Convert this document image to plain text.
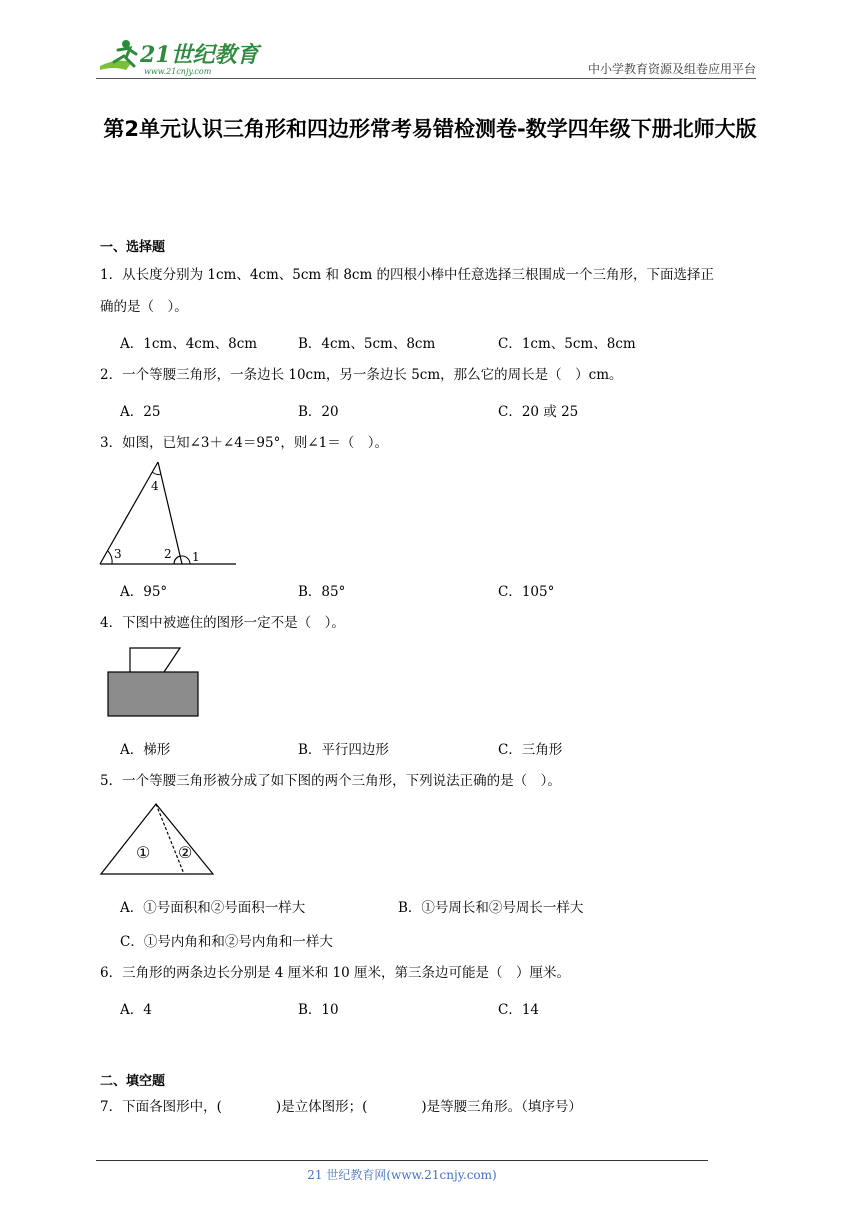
21世纪教育
www.21cnjy.com	中小学教育资源及组卷应用平台
第2单元认识三角形和四边形常考易错检测卷-数学四年级下册北师大版
一、选择题
1．从长度分别为 1cm、4cm、5cm 和 8cm 的四根小棒中任意选择三根围成一个三角形，下面选择正
确的是（　）。
A．1cm、4cm、8cm	B．4cm、5cm、8cm	C．1cm、5cm、8cm
2．一个等腰三角形，一条边长 10cm，另一条边长 5cm，那么它的周长是（　）cm。
A．25	B．20	C．20 或 25
3．如图，已知∠3＋∠4＝95°，则∠1＝（　）。
4
3	2 1
A．95°	B．85°	C．105°
4．下图中被遮住的图形一定不是（　）。
A．梯形	B．平行四边形	C．三角形
5．一个等腰三角形被分成了如下图的两个三角形，下列说法正确的是（　）。
① ②
A．①号面积和②号面积一样大	B．①号周长和②号周长一样大
C．①号内角和和②号内角和一样大
6．三角形的两条边长分别是 4 厘米和 10 厘米，第三条边可能是（　）厘米。
A．4	B．10	C．14
二、填空题
7．下面各图形中，(　　　　)是立体图形；(　　　　)是等腰三角形。（填序号）
21 世纪教育网(www.21cnjy.com)
